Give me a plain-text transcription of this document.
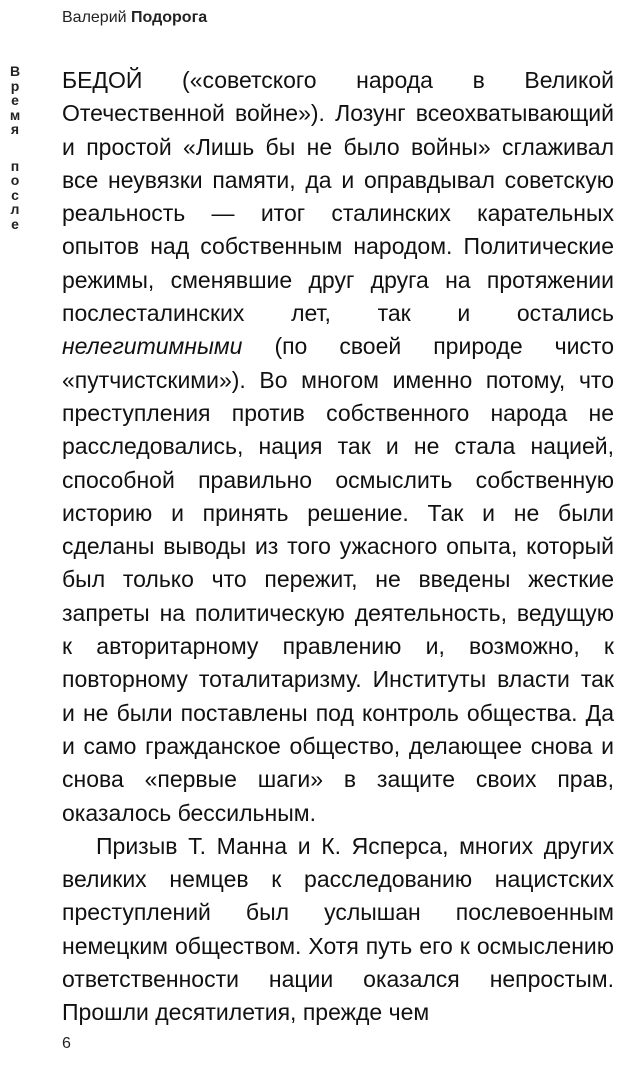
Валерий Подорога
В
р
е
м
я
п
о
с
л
е

БЕДОЙ («советского народа в Великой Отечественной войне»). Лозунг всеохватывающий и простой «Лишь бы не было войны» сглаживал все неувязки памяти, да и оправдывал советскую реальность — итог сталинских карательных опытов над собственным народом. Политические режимы, сменявшие друг друга на протяжении послесталинских лет, так и остались нелегитимными (по своей природе чисто «путчистскими»). Во многом именно потому, что преступления против собственного народа не расследовались, нация так и не стала нацией, способной правильно осмыслить собственную историю и принять решение. Так и не были сделаны выводы из того ужасного опыта, который был только что пережит, не введены жесткие запреты на политическую деятельность, ведущую к авторитарному правлению и, возможно, к повторному тоталитаризму. Институты власти так и не были поставлены под контроль общества. Да и само гражданское общество, делающее снова и снова «первые шаги» в защите своих прав, оказалось бессильным.

Призыв Т. Манна и К. Ясперса, многих других великих немцев к расследованию нацистских преступлений был услышан послевоенным немецким обществом. Хотя путь его к осмыслению ответственности нации оказался непростым. Прошли десятилетия, прежде чем

6
